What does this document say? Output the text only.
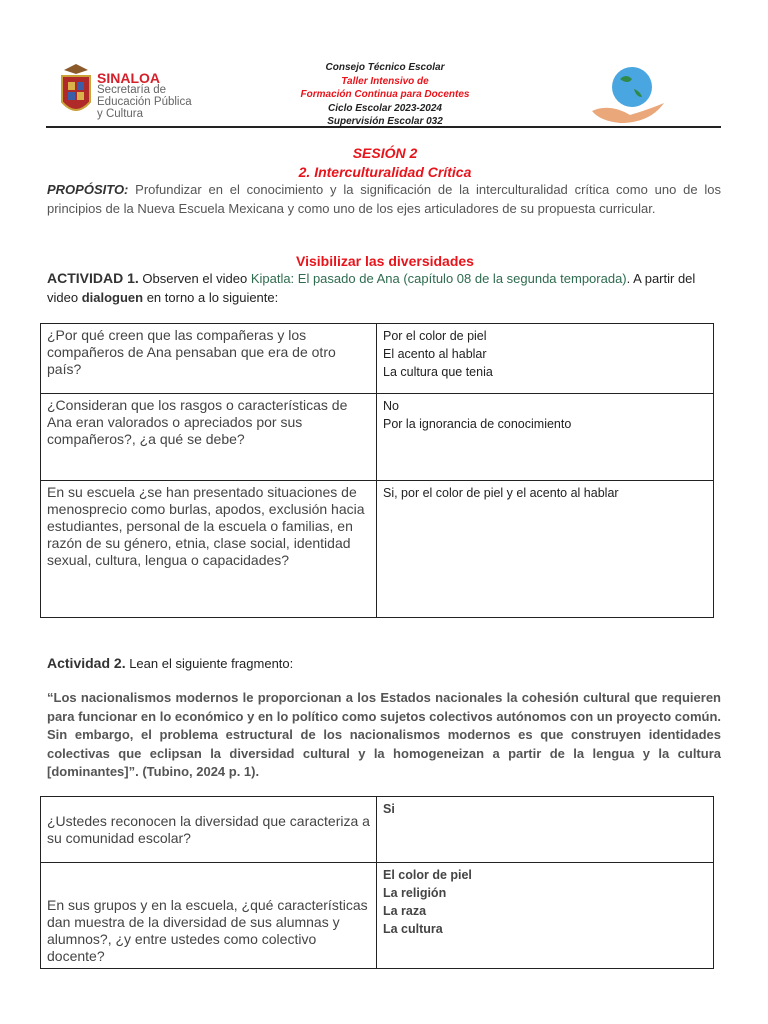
SINALOA
Secretaría de
Educación Pública
y Cultura
Consejo Técnico Escolar
Taller Intensivo de
Formación Continua para Docentes
Ciclo Escolar 2023-2024
Supervisión Escolar 032
SESIÓN 2
2. Interculturalidad Crítica
PROPÓSITO: Profundizar en el conocimiento y la significación de la interculturalidad crítica como uno de los principios de la Nueva Escuela Mexicana y como uno de los ejes articuladores de su propuesta curricular.
Visibilizar las diversidades
ACTIVIDAD 1. Observen el video Kipatla: El pasado de Ana (capítulo 08 de la segunda temporada). A partir del video dialoguen en torno a lo siguiente:
¿Por qué creen que las compañeras y los compañeros de Ana pensaban que era de otro país?	Por el color de piel
El acento al hablar
La cultura que tenia

¿Consideran que los rasgos o características de Ana eran valorados o apreciados por sus compañeros?, ¿a qué se debe?	No
Por la ignorancia de conocimiento

En su escuela ¿se han presentado situaciones de menosprecio como burlas, apodos, exclusión hacia estudiantes, personal de la escuela o familias, en razón de su género, etnia, clase social, identidad sexual, cultura, lengua o capacidades?	Si, por el color de piel y el acento al hablar
Actividad 2. Lean el siguiente fragmento:
“Los nacionalismos modernos le proporcionan a los Estados nacionales la cohesión cultural que requieren para funcionar en lo económico y en lo político como sujetos colectivos autónomos con un proyecto común. Sin embargo, el problema estructural de los nacionalismos modernos es que construyen identidades colectivas que eclipsan la diversidad cultural y la homogeneizan a partir de la lengua y la cultura [dominantes]”. (Tubino, 2024 p. 1).
¿Ustedes reconocen la diversidad que caracteriza a su comunidad escolar?	Si

En sus grupos y en la escuela, ¿qué características dan muestra de la diversidad de sus alumnas y alumnos?, ¿y entre ustedes como colectivo docente?	El color de piel
La religión
La raza
La cultura
